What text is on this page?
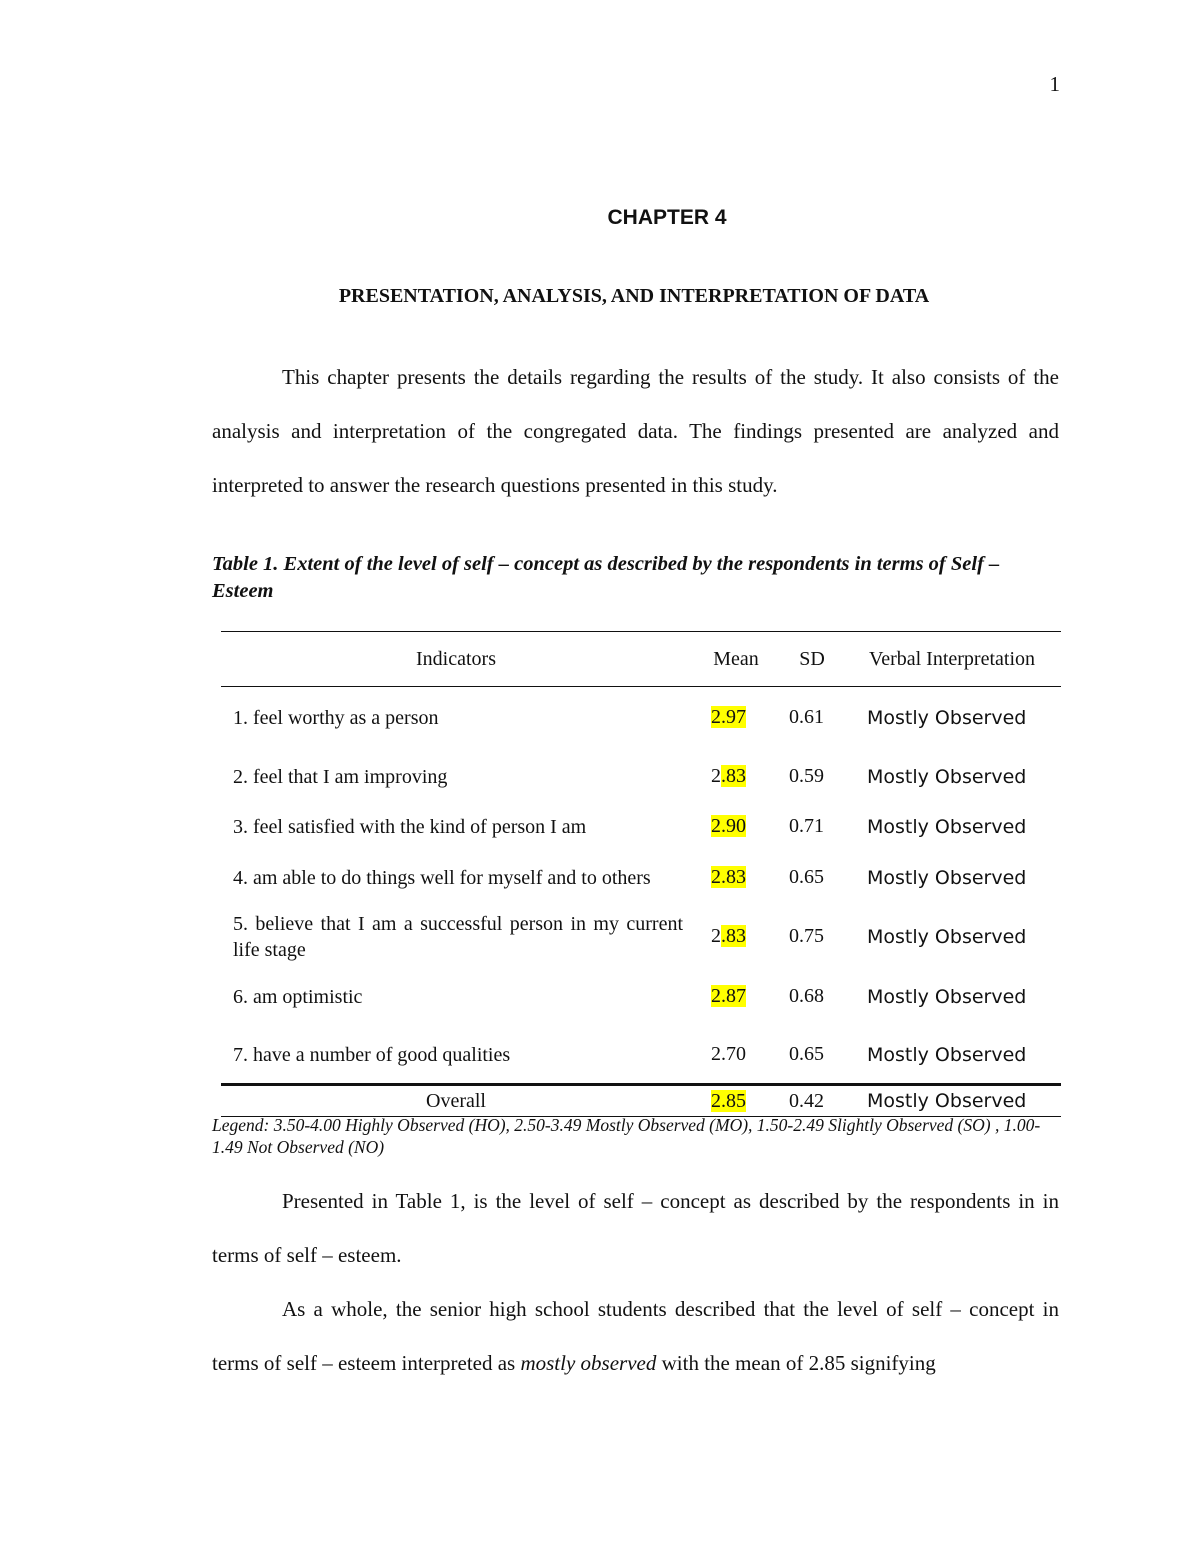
1
CHAPTER 4
PRESENTATION, ANALYSIS, AND INTERPRETATION OF DATA

This chapter presents the details regarding the results of the study. It also consists of the analysis and interpretation of the congregated data. The findings presented are analyzed and interpreted to answer the research questions presented in this study.

Table 1. Extent of the level of self – concept as described by the respondents in terms of Self – Esteem

Indicators	Mean	SD	Verbal Interpretation
1. feel worthy as a person	2.97	0.61	Mostly Observed
2. feel that I am improving	2.83	0.59	Mostly Observed
3. feel satisfied with the kind of person I am	2.90	0.71	Mostly Observed
4. am able to do things well for myself and to others	2.83	0.65	Mostly Observed
5. believe that I am a successful person in my current life stage	2.83	0.75	Mostly Observed
6. am optimistic	2.87	0.68	Mostly Observed
7. have a number of good qualities	2.70	0.65	Mostly Observed
Overall	2.85	0.42	Mostly Observed

Legend: 3.50-4.00 Highly Observed (HO), 2.50-3.49 Mostly Observed (MO), 1.50-2.49 Slightly Observed (SO) , 1.00-1.49 Not Observed (NO)

Presented in Table 1, is the level of self – concept as described by the respondents in in terms of self – esteem.

As a whole, the senior high school students described that the level of self – concept in terms of self – esteem interpreted as mostly observed with the mean of 2.85 signifying
